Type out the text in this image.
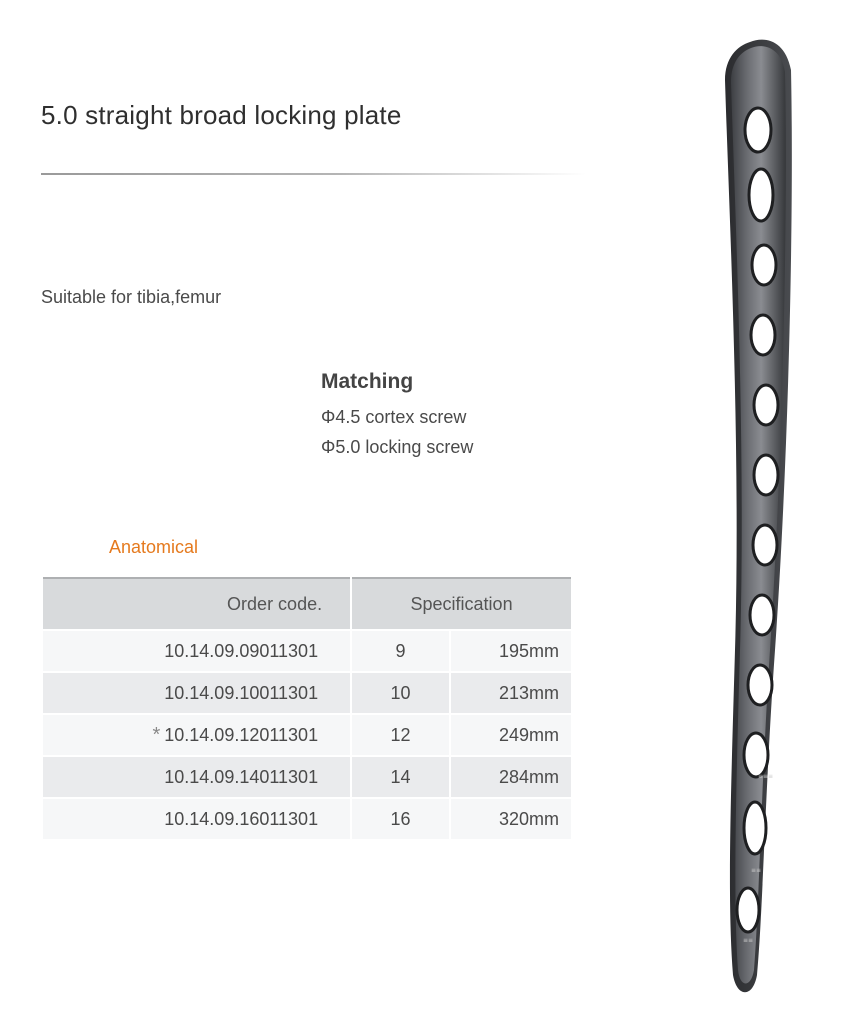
5.0 straight broad locking plate
Suitable for tibia,femur
Matching
Φ4.5 cortex screw
Φ5.0 locking screw
Anatomical
Order code.	Specification	
10.14.09.09011301	9	195mm
10.14.09.10011301	10	213mm
* 10.14.09.12011301	12	249mm
10.14.09.14011301	14	284mm
10.14.09.16011301	16	320mm
≡≡≡
≡≡
≡≡
